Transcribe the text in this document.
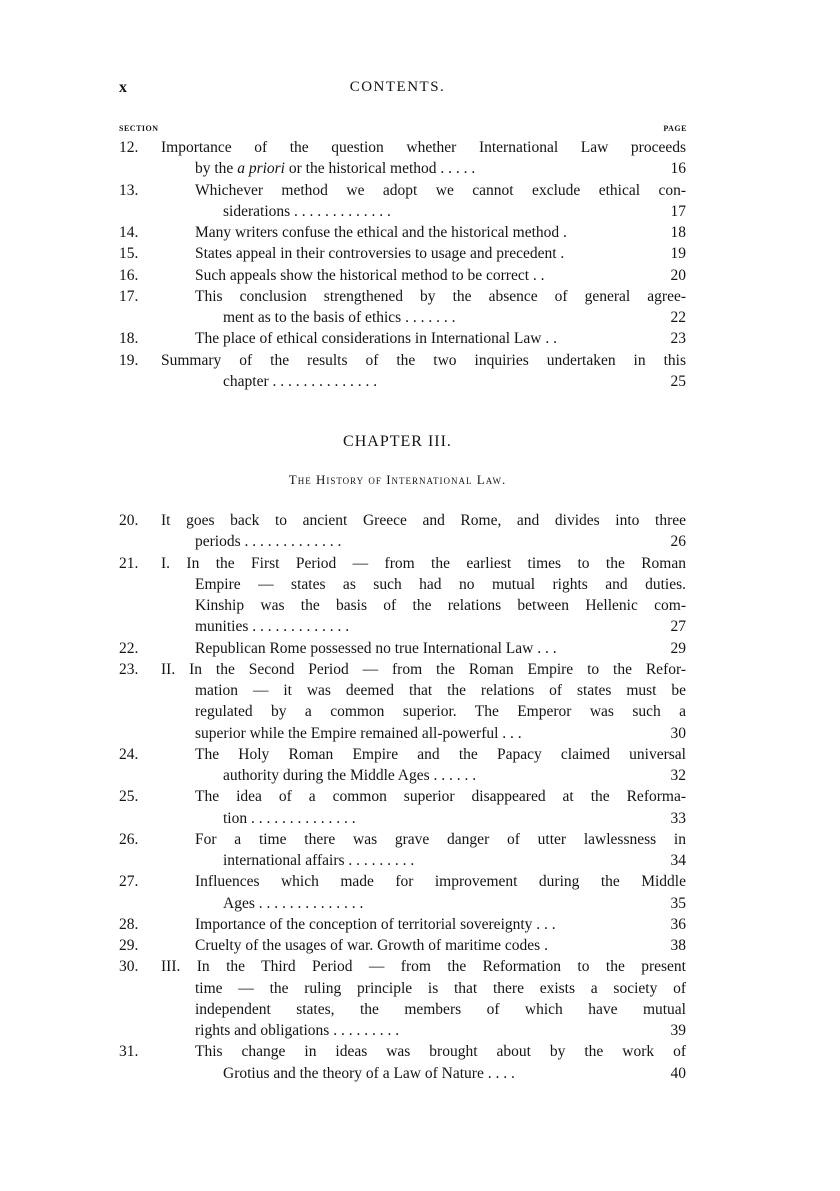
x	CONTENTS.
SECTION	PAGE
12.	Importance of the question whether International Law proceeds
by the a priori or the historical method . . . . .	16
13.	Whichever method we adopt we cannot exclude ethical con-
siderations . . . . . . . . . . . . .	17
14.	Many writers confuse the ethical and the historical method .	18
15.	States appeal in their controversies to usage and precedent .	19
16.	Such appeals show the historical method to be correct . .	20
17.	This conclusion strengthened by the absence of general agree-
ment as to the basis of ethics . . . . . . .	22
18.	The place of ethical considerations in International Law . .	23
19.	Summary of the results of the two inquiries undertaken in this
chapter . . . . . . . . . . . . . .	25
CHAPTER III.
The History of International Law.
20.	It goes back to ancient Greece and Rome, and divides into three
periods . . . . . . . . . . . . .	26
21.	I. In the First Period — from the earliest times to the Roman
Empire — states as such had no mutual rights and duties.
Kinship was the basis of the relations between Hellenic com-
munities . . . . . . . . . . . . .	27
22.	Republican Rome possessed no true International Law . . .	29
23.	II. In the Second Period — from the Roman Empire to the Refor-
mation — it was deemed that the relations of states must be
regulated by a common superior. The Emperor was such a
superior while the Empire remained all-powerful . . .	30
24.	The Holy Roman Empire and the Papacy claimed universal
authority during the Middle Ages . . . . . .	32
25.	The idea of a common superior disappeared at the Reforma-
tion . . . . . . . . . . . . . .	33
26.	For a time there was grave danger of utter lawlessness in
international affairs . . . . . . . . .	34
27.	Influences which made for improvement during the Middle
Ages . . . . . . . . . . . . . .	35
28.	Importance of the conception of territorial sovereignty . . .	36
29.	Cruelty of the usages of war. Growth of maritime codes .	38
30.	III. In the Third Period — from the Reformation to the present
time — the ruling principle is that there exists a society of
independent states, the members of which have mutual
rights and obligations . . . . . . . . .	39
31.	This change in ideas was brought about by the work of
Grotius and the theory of a Law of Nature . . . .	40
